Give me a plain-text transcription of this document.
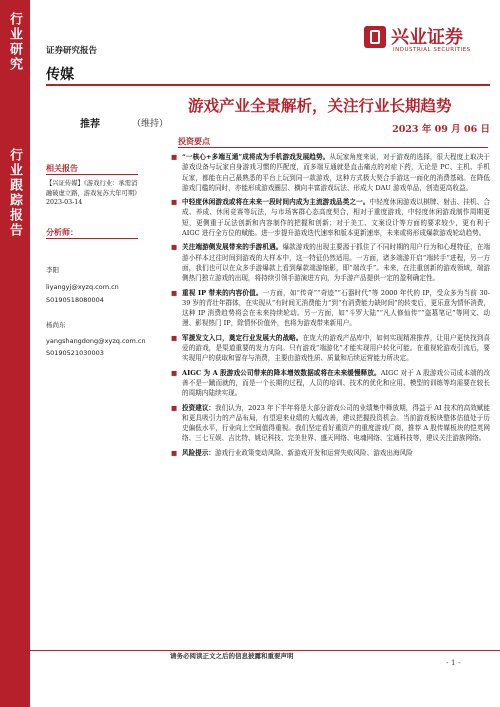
行业研究
行业跟踪报告
证券研究报告
传媒
兴业证券
INDUSTRIAL SECURITIES
推荐	（维持）
游戏产业全景解析，关注行业长期趋势
2023 年 09 月 06 日
相关报告
【兴证传媒】《游戏行业：承需消融破虚立路，游戏复苏大年可期》2023-03-14
分析师：
李阳
liyangyj@xyzq.com.cn
S0190518080004
杨尚东
yangshangdong@xyzq.com.cn
S0190521030003
投资要点
■ “一核心+多端互通”成将成为手机游戏发展趋势。从玩家角度来说，对于游戏的选择，很大程度上取决于游戏设备与玩家自身游戏习惯的匹配度，而多端互通就是直击痛点的对症下药，无论是 PC、主机、手机玩家，都能在自己最熟悉的平台上玩到同一款游戏，这种方式极大契合手游这一面化的消费基础。在降低游戏门槛的同时，亦能形成游戏圈层、横向丰富游戏玩法、形成大 DAU 游戏单品，创造更高收益。
■ 中轻度休闲游戏或将在未来一段时间内成为主流游戏品类之一。中轻度休闲游戏以棋牌、射击、挂机、合成、养成、休闲竞赛等玩法，与市场客群心态高度契合，相对于重度游戏，中轻度休闲游戏制作周期更短，更侧重于玩法创新和内容制作的把握和创新；对于美工、文案设计等方面的要求较少，更有利于 AIGC 进行全方位的赋能。进一步提升游戏迭代速率和版本更新速率，未来或将形成爆款游戏轮动趋势。
■ 关注端游侧发展带来的手游机遇。爆款游戏的出现主要源于抓住了不同时期的用户行为和心理特征，在端游小样本过往时间到游戏的大样本中，这一特征仍然适用。一方面，诸多端游开启“端转手”进程，另一方面，我们也可以在众多手游爆款上看到爆款端游缩影，即“端改手”。未来，在注重创新的游戏领域，端游侧热门独立游戏的出现，将持续引领手游演进方向，为手游产品提供一定的盈利确定性。
■ 重视 IP 带来的内容价值。一方面，如“传奇”“奇迹”“石器时代”等 2000 年代的 IP，受众多为当前 30-39 岁的青壮年群体，在实现从“有时间无消费能力”到“有消费能力缺时间”的转变后，更乐意为情怀消费，这种 IP 消费趋势将会在未来持续轮动。另一方面，如“斗罗大陆”“凡人修仙传”“盗墓笔记”等网文、动漫、影视热门 IP，除情怀价值外，也将为游戏带来新用户。
■ 军援发文入口，奠定行业发展大的战略。在庞大的游戏产品库中，如何实现精准推荐，让用户更快找到喜爱的游戏，是渠道重要的发力方向。只有游戏“端游化”才能实现用户转化可能。在重视轮游戏引流后，要实现用户的获取和留存与消费，主要由游戏性质、质量和后续运营能力所决定。
■ AIGC 为 A 股游戏公司带来的降本增效数据或将在未来缓慢释放。AIGC 对于 A 股游戏公司成本端的改善不是一蹴而就的，而是一个长期的过程，人员的培训、技术的优化和应用、模型的训练等均需要在较长的周期内陆续实现。
■ 投资建议：我们认为，2023 年下半年将是大部分游戏公司的业绩集中释放期，得益于 AI 技术的高效赋能和更具吸引力的产品布局，有望迎来业绩的大幅改善，建议把握投资机会。当前游戏板块整体估值处于历史偏低水平，行业向上空间值得重视。我们坚定看好重资产的重度游戏厂商，推荐 A 股传媒板块的恺英网络、三七互娱、吉比特、姚记科技、完美世界、盛天网络、电魂网络、宝通科技等，建议关注游族网络。
■ 风险提示：游戏行业政策变动风险、新游戏开发和运营失败风险、游戏出海风险
请务必阅读正文之后的信息披露和重要声明
- 1 -
